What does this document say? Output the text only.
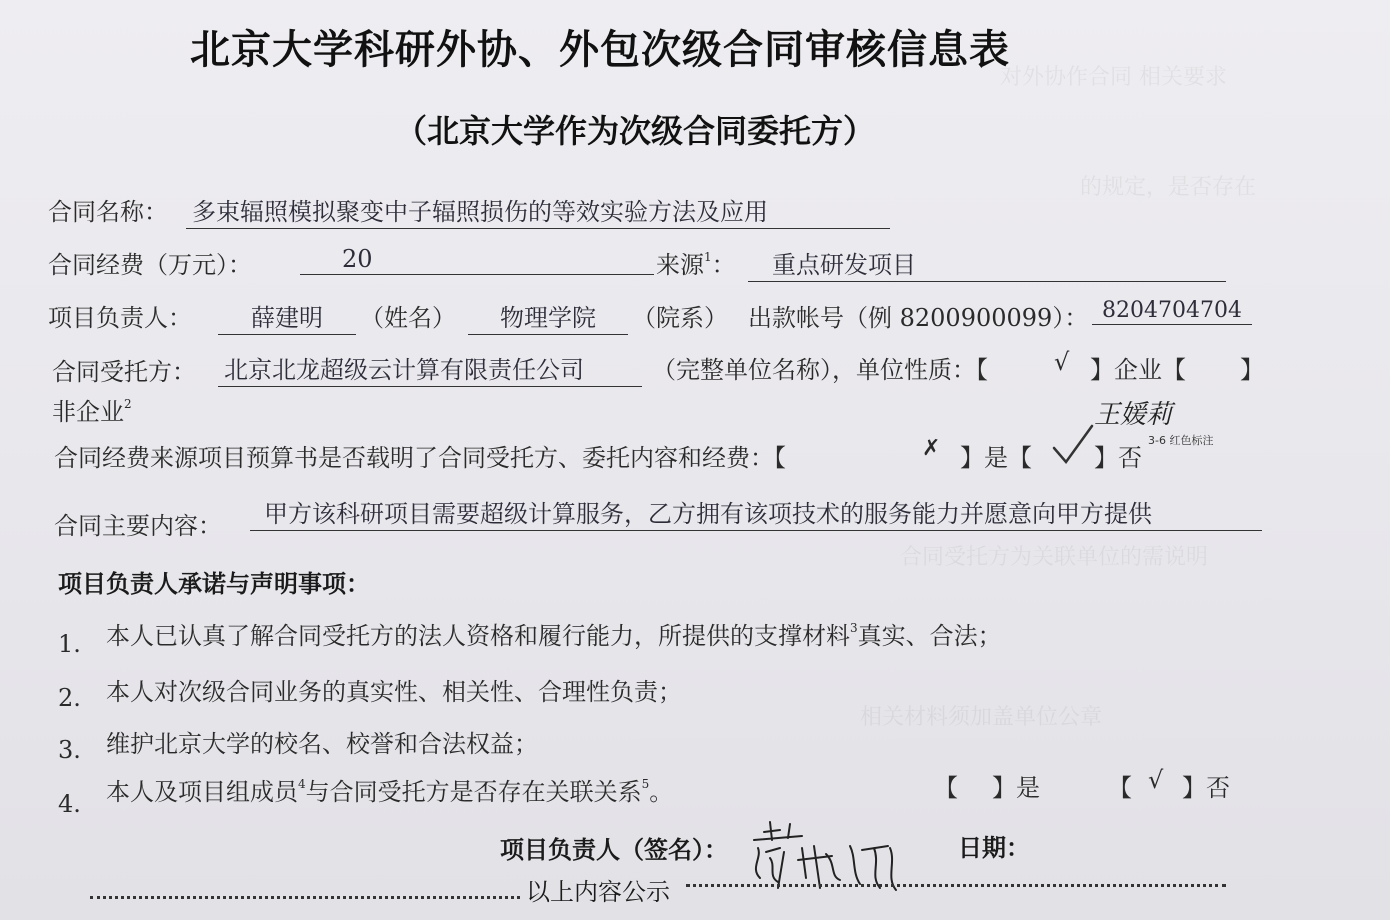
对外协作合同 相关要求
的规定，是否存在
合同受托方为关联单位的需说明
相关材料须加盖单位公章
北京大学科研外协、外包次级合同审核信息表
（北京大学作为次级合同委托方）
合同名称： 多束辐照模拟聚变中子辐照损伤的等效实验方法及应用
合同经费（万元）：	20	来源$^1$：	重点研发项目
项目负责人：	薛建明	（姓名）	物理学院	（院系） 出款帐号（例 8200900099）： 8204704704
合同受托方： 北京北龙超级云计算有限责任公司	（完整单位名称），单位性质：【	√ 】企业【 】
非企业$^2$
合同经费来源项目预算书是否载明了合同受托方、委托内容和经费：【	✗ 】是【	】否
王媛莉
3-6 红色标注
合同主要内容：	甲方该科研项目需要超级计算服务，乙方拥有该项技术的服务能力并愿意向甲方提供
项目负责人承诺与声明事项：
1. 本人已认真了解合同受托方的法人资格和履行能力，所提供的支撑材料$^3$真实、合法；
2. 本人对次级合同业务的真实性、相关性、合理性负责；
3. 维护北京大学的校名、校誉和合法权益；
4. 本人及项目组成员$^4$与合同受托方是否存在关联关系$^5$。	【 】是	【 √ 】否
项目负责人（签名）：	日期：
以上内容公示
